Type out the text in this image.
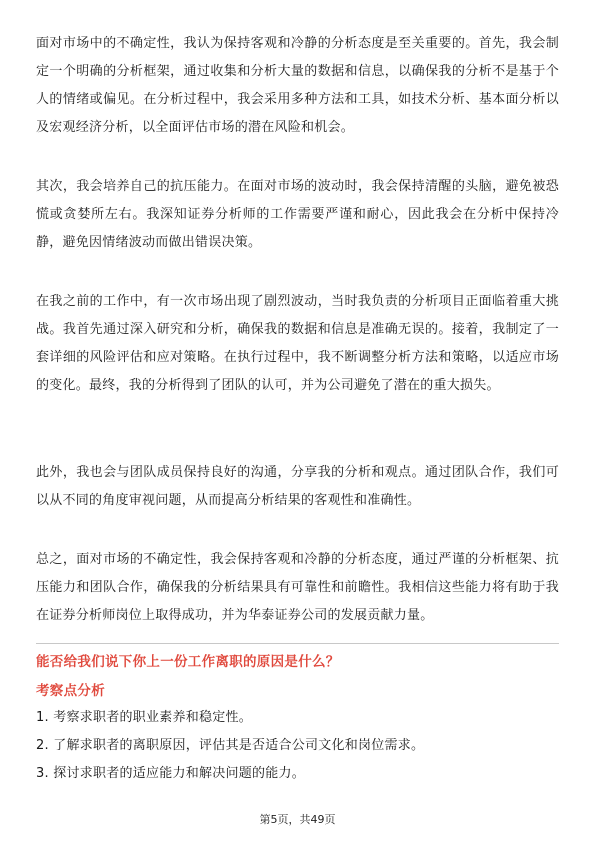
面对市场中的不确定性，我认为保持客观和冷静的分析态度是至关重要的。首先，我会制定一个明确的分析框架，通过收集和分析大量的数据和信息，以确保我的分析不是基于个人的情绪或偏见。在分析过程中，我会采用多种方法和工具，如技术分析、基本面分析以及宏观经济分析，以全面评估市场的潜在风险和机会。

其次，我会培养自己的抗压能力。在面对市场的波动时，我会保持清醒的头脑，避免被恐慌或贪婪所左右。我深知证券分析师的工作需要严谨和耐心，因此我会在分析中保持冷静，避免因情绪波动而做出错误决策。

在我之前的工作中，有一次市场出现了剧烈波动，当时我负责的分析项目正面临着重大挑战。我首先通过深入研究和分析，确保我的数据和信息是准确无误的。接着，我制定了一套详细的风险评估和应对策略。在执行过程中，我不断调整分析方法和策略，以适应市场的变化。最终，我的分析得到了团队的认可，并为公司避免了潜在的重大损失。

此外，我也会与团队成员保持良好的沟通，分享我的分析和观点。通过团队合作，我们可以从不同的角度审视问题，从而提高分析结果的客观性和准确性。

总之，面对市场的不确定性，我会保持客观和冷静的分析态度，通过严谨的分析框架、抗压能力和团队合作，确保我的分析结果具有可靠性和前瞻性。我相信这些能力将有助于我在证券分析师岗位上取得成功，并为华泰证券公司的发展贡献力量。

能否给我们说下你上一份工作离职的原因是什么？
考察点分析
1. 考察求职者的职业素养和稳定性。
2. 了解求职者的离职原因，评估其是否适合公司文化和岗位需求。
3. 探讨求职者的适应能力和解决问题的能力。
第5页，共49页
